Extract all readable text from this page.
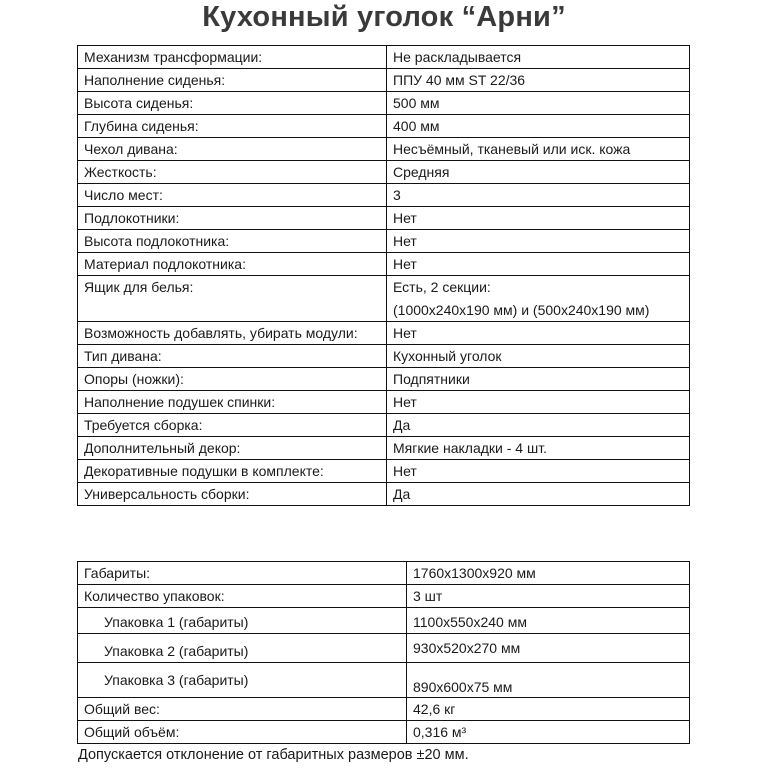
Кухонный уголок “Арни”
Механизм трансформации:	Не раскладывается
Наполнение сиденья:	ППУ 40 мм ST 22/36
Высота сиденья:	500 мм
Глубина сиденья:	400 мм
Чехол дивана:	Несъёмный, тканевый или иск. кожа
Жесткость:	Средняя
Число мест:	3
Подлокотники:	Нет
Высота подлокотника:	Нет
Материал подлокотника:	Нет
Ящик для белья:	Есть, 2 секции:
(1000x240x190 мм) и (500x240x190 мм)

Возможность добавлять, убирать модули:	Нет
Тип дивана:	Кухонный уголок
Опоры (ножки):	Подпятники
Наполнение подушек спинки:	Нет
Требуется сборка:	Да
Дополнительный декор:	Мягкие накладки - 4 шт.
Декоративные подушки в комплекте:	Нет
Универсальность сборки:	Да
Габариты:	1760x1300x920 мм
Количество упаковок:	3 шт
Упаковка 1 (габариты)	1100x550x240 мм
Упаковка 2 (габариты)	930x520x270 мм
Упаковка 3 (габариты)	890x600x75 мм
Общий вес:	42,6 кг
Общий объём:	0,316 м³
Допускается отклонение от габаритных размеров ±20 мм.
